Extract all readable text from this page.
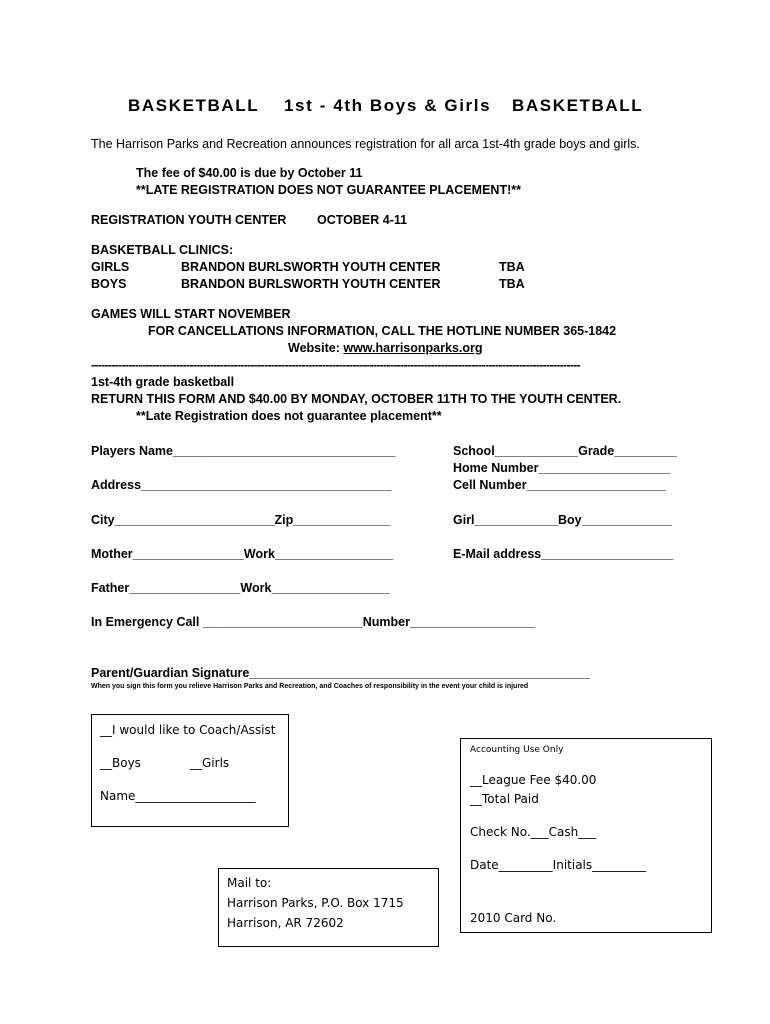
BASKETBALL 1st - 4th Boys & Girls BASKETBALL
The Harrison Parks and Recreation announces registration for all arca 1st-4th grade boys and girls.
The fee of $40.00 is due by October 11
**LATE REGISTRATION DOES NOT GUARANTEE PLACEMENT!**
REGISTRATION YOUTH CENTER OCTOBER 4-11
BASKETBALL CLINICS:
GIRLS	BRANDON BURLSWORTH YOUTH CENTER	TBA
BOYS	BRANDON BURLSWORTH YOUTH CENTER	TBA
GAMES WILL START NOVEMBER
FOR CANCELLATIONS INFORMATION, CALL THE HOTLINE NUMBER 365-1842
Website: www.harrisonparks.org
------------------------------------------------------------------------------------------------------------------------------------------------
1st-4th grade basketball
RETURN THIS FORM AND $40.00 BY MONDAY, OCTOBER 11TH TO THE YOUTH CENTER.
**Late Registration does not guarantee placement**
Players Name________________________________	School____________Grade_________
Home Number___________________
Address____________________________________	Cell Number____________________
City_______________________Zip______________	Girl____________Boy_____________
Mother________________Work_________________	E-Mail address___________________
Father________________Work_________________
In Emergency Call _______________________Number__________________
Parent/Guardian Signature_________________________________________________
When you sign this form you relieve Harrison Parks and Recreation, and Coaches of responsibility in the event your child is injured
__I would like to Coach/Assist
__Boys	__Girls
Name____________________
Accounting Use Only
__League Fee $40.00
__Total Paid
Check No.___Cash___
Date_________Initials_________
2010 Card No.
Mail to:
Harrison Parks, P.O. Box 1715
Harrison, AR 72602
